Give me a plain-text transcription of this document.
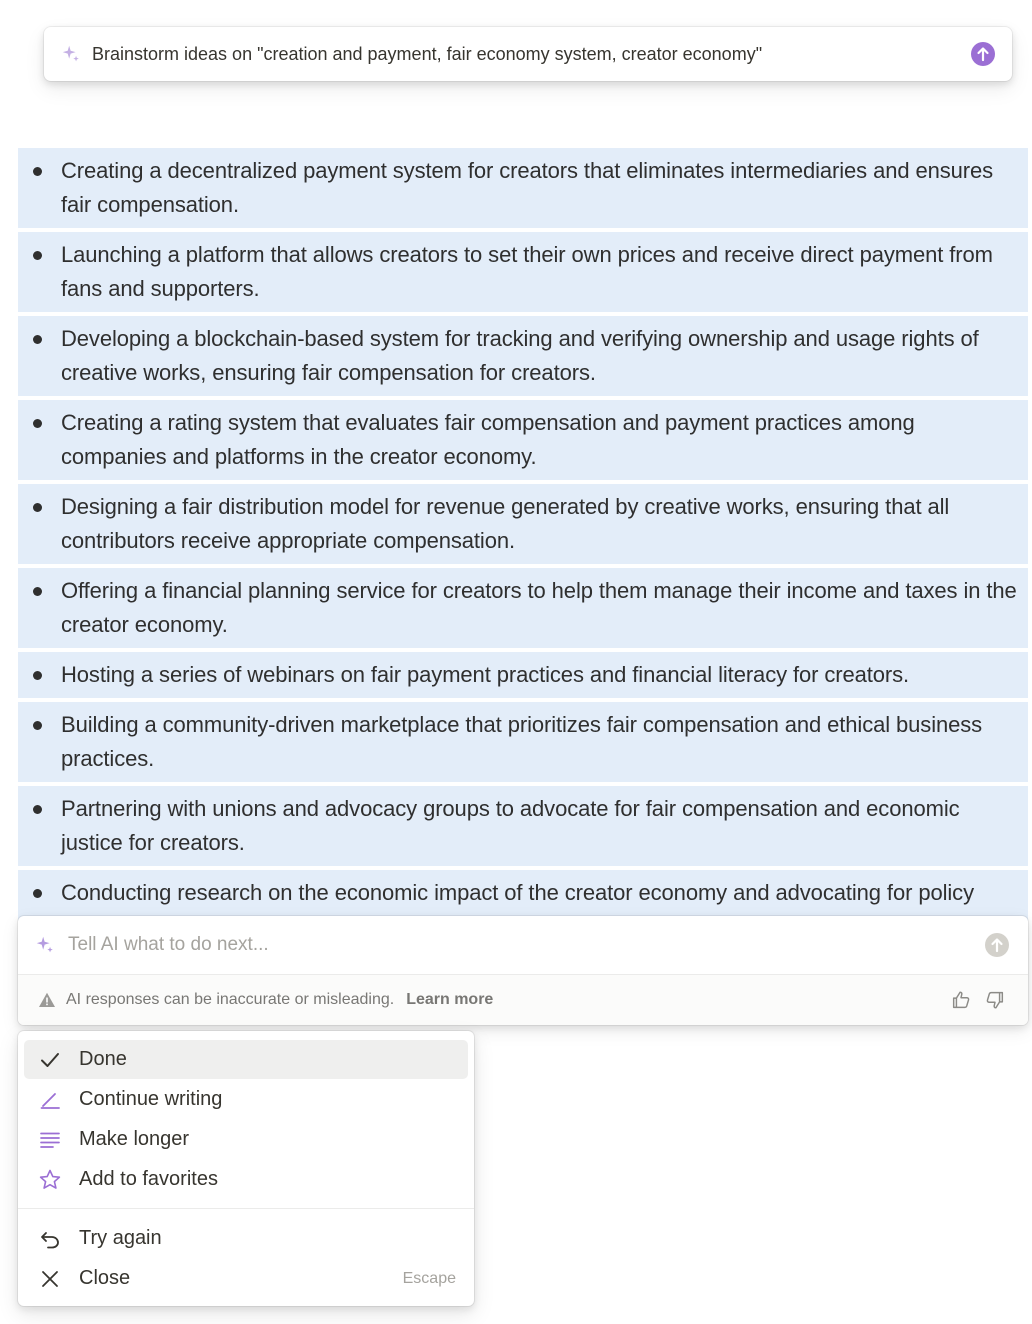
Brainstorm ideas on "creation and payment, fair economy system, creator economy"
Creating a decentralized payment system for creators that eliminates intermediaries and ensures fair compensation.
Launching a platform that allows creators to set their own prices and receive direct payment from fans and supporters.
Developing a blockchain-based system for tracking and verifying ownership and usage rights of creative works, ensuring fair compensation for creators.
Creating a rating system that evaluates fair compensation and payment practices among companies and platforms in the creator economy.
Designing a fair distribution model for revenue generated by creative works, ensuring that all contributors receive appropriate compensation.
Offering a financial planning service for creators to help them manage their income and taxes in the creator economy.
Hosting a series of webinars on fair payment practices and financial literacy for creators.
Building a community-driven marketplace that prioritizes fair compensation and ethical business practices.
Partnering with unions and advocacy groups to advocate for fair compensation and economic justice for creators.
Conducting research on the economic impact of the creator economy and advocating for policy
Tell AI what to do next...
AI responses can be inaccurate or misleading. Learn more
Done
Continue writing
Make longer
Add to favorites
Try again
Close	Escape
